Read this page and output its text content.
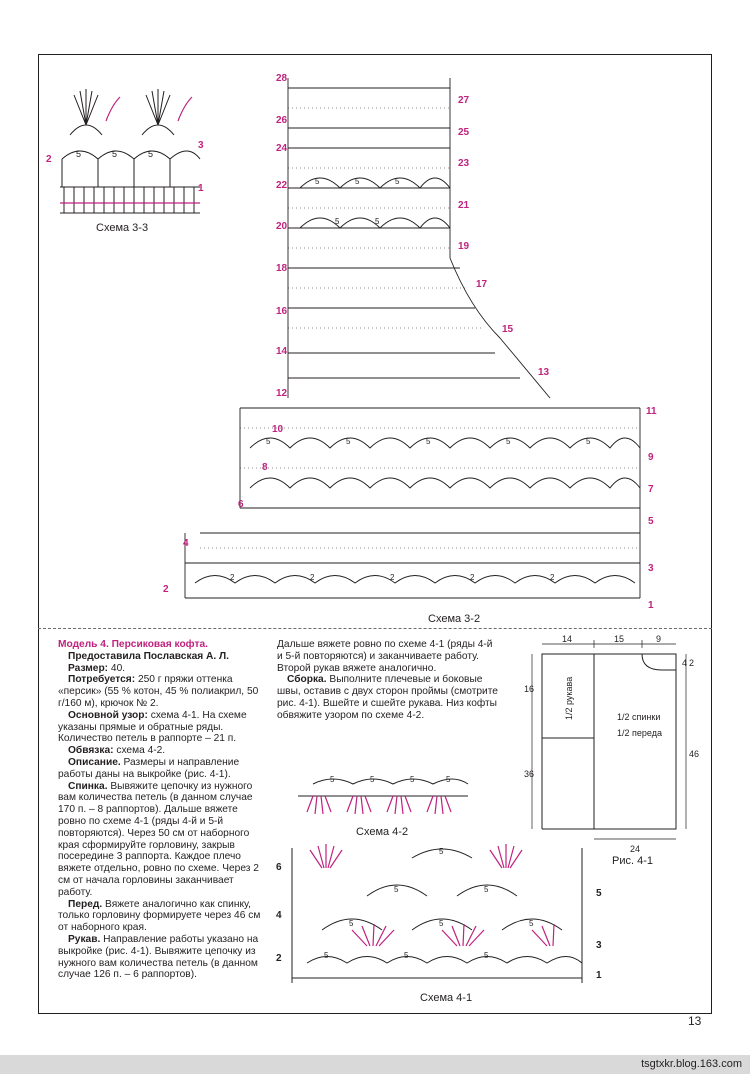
5	5	5
3
2
1
Схема 3-3
5	5	5
5	5
5	5	5	5	5
2	2	2	2	2
28
26
24
22
20
18
16
14
12
10
8
6
4
2
27
25
23
21
19
17
15
13
11
9
7
5
3
1
Схема 3-2

Модель 4. Персиковая кофта.

Предоставила Пославская А. Л.

Размер: 40.

Потребуется: 250 г пряжи оттенка «персик» (55 % котон, 45 % полиакрил, 50 г/160 м), крючок № 2.

Основной узор: схема 4-1. На схеме указаны прямые и обратные ряды. Количество петель в раппорте – 21 п.

Обвязка: схема 4-2.

Описание. Размеры и направление работы даны на выкройке (рис. 4-1).

Спинка. Вывяжите цепочку из нужного вам количества петель (в данном случае 170 п. – 8 раппортов). Дальше вяжете ровно по схеме 4-1 (ряды 4-й и 5-й повторяются). Через 50 см от наборного края сформируйте горловину, закрыв посередине 3 раппорта. Каждое плечо вяжете отдельно, ровно по схеме. Через 2 см от начала горловины заканчивает работу.

Перед. Вяжете аналогично как спинку, только горловину формируете через 46 см от наборного края.

Рукав. Направление работы указано на выкройке (рис. 4-1). Вывяжите цепочку из нужного вам количества петель (в данном случае 126 п. – 6 раппортов).

Дальше вяжете ровно по схеме 4-1 (ряды 4-й и 5-й повторяются) и заканчиваете работу. Второй рукав вяжете аналогично.

Сборка. Выполните плечевые и боковые швы, оставив с двух сторон проймы (смотрите рис. 4-1). Вшейте и сшейте рукава. Низ кофты обвяжите узором по схеме 4-2.

14	15	9
4 2
16
36
46
24
1/2 спинки
1/2 переда
1/2 рукава
Рис. 4-1
5	5	5	5
Схема 4-2
5	5	5
5	5	5
5	5
5
6
5
4
3
2
1
Схема 4-1
13
tsgtxkr.blog.163.com
